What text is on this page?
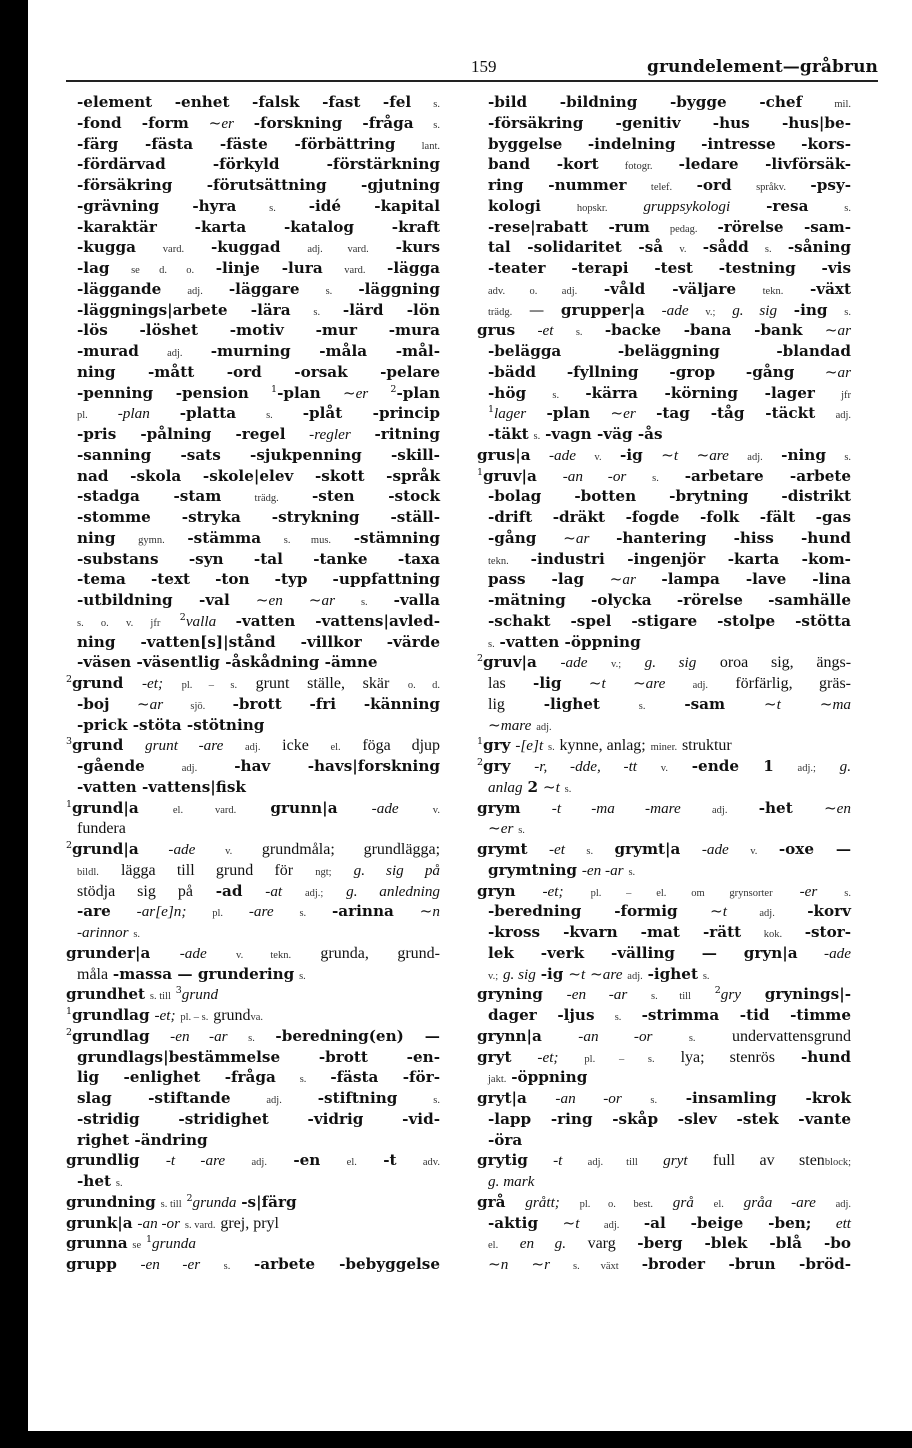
159	grundelement—gråbrun
-element -enhet -falsk -fast -fel s.
-fond -form ~er -forskning -fråga s.
-färg -fästa -fäste -förbättring	lant.
-fördärvad -förkyld -förstärkning
-försäkring -förutsättning -gjutning
-grävning -hyra	s. -idé -kapital
-karaktär -karta -katalog -kraft
-kugga	vard. -kuggad	adj. vard. -kurs
-lag se d. o. -linje -lura vard. -lägga
-läggande adj. -läggare s. -läggning
-läggnings|arbete -lära s. -lärd -lön
-lös -löshet -motiv -mur -mura
-murad	adj. -murning -måla -mål-
ning -mått -ord -orsak -pelare
-penning -pension $^1$-plan ~er $^2$-plan
pl. -plan -platta	s. -plåt -princip
-pris -pålning -regel -regler -ritning
-sanning -sats -sjukpenning -skill-
nad -skola -skole|elev -skott -språk
-stadga -stam	trädg. -sten -stock
-stomme -stryka -strykning -ställ-
ning gymn. -stämma s. mus. -stämning
-substans -syn -tal -tanke -taxa
-tema -text -ton -typ -uppfattning
-utbildning -val ~en ~ar s. -valla
s. o. v. jfr $^2$valla -vatten -vattens|avled-
ning -vatten[s]|stånd -villkor -värde
-väsen -väsentlig -åskådning -ämne
$^2$grund -et; pl. – s. grunt ställe, skär o. d.
-boj ~ar	sjö. -brott -fri -känning
-prick -stöta -stötning
$^3$grund grunt -are adj. icke el. föga djup
-gående	adj. -hav -havs|forskning
-vatten -vattens|fisk
$^1$grund|a	el. vard. grunn|a -ade	v.
fundera
$^2$grund|a -ade	v. grundmåla; grundlägga;
bildl. lägga till grund för ngt; g. sig på
stödja sig på -ad -at adj.; g. anledning
-are -ar[e]n; pl. -are s. -arinna ~n
-arinnor s.
grunder|a -ade	v. tekn. grunda, grund-
måla -massa — grundering s.
grundhet s. till $^3$grund
$^1$grundlag -et; pl. – s. grundva.
$^2$grundlag -en -ar s. -beredning(en) —
grundlags|bestämmelse -brott -en-
lig -enlighet -fråga s. -fästa -för-
slag -stiftande	adj. -stiftning	s.
-stridig -stridighet -vidrig -vid-
righet -ändring
grundlig -t -are	adj. -en	el. -t	adv.
-het s.
grundning s. till $^2$grunda -s|färg
grunk|a -an -or s. vard. grej, pryl
grunna se $^1$grunda
grupp -en -er s. -arbete -bebyggelse
-bild -bildning -bygge -chef	mil.
-försäkring -genitiv -hus -hus|be-
byggelse -indelning -intresse -kors-
band -kort fotogr. -ledare -livförsäk-
ring -nummer telef. -ord språkv. -psy-
kologi	hopskr. gruppsykologi -resa	s.
-rese|rabatt -rum pedag. -rörelse -sam-
tal -solidaritet -så v. -sådd s. -såning
-teater -terapi -test -testning -vis
adv. o. adj. -våld -väljare	tekn. -växt
trädg. — grupper|a -ade v.; g. sig -ing s.
grus -et s. -backe -bana -bank ~ar
-belägga -beläggning -blandad
-bädd -fyllning -grop -gång ~ar
-hög	s. -kärra -körning -lager	jfr
$^1$lager -plan ~er -tag -tåg -täckt adj.
-täkt s. -vagn -väg -ås
grus|a -ade v. -ig ~t ~are adj. -ning s.
$^1$gruv|a -an -or s. -arbetare -arbete
-bolag -botten -brytning -distrikt
-drift -dräkt -fogde -folk -fält -gas
-gång ~ar -hantering -hiss -hund
tekn. -industri -ingenjör -karta -kom-
pass -lag ~ar -lampa -lave -lina
-mätning -olycka -rörelse -samhälle
-schakt -spel -stigare -stolpe -stötta
s. -vatten -öppning
$^2$gruv|a -ade v.; g. sig oroa sig, ängs-
las -lig ~t ~are	adj. förfärlig, gräs-
lig	-lighet	s.	-sam ~t ~ma
~mare adj.
$^1$gry -[e]t s. kynne, anlag; miner. struktur
$^2$gry -r, -dde, -tt v. -ende 1 adj.; g.
anlag 2 ~t s.
grym -t -ma -mare	adj. -het ~en
~er s.
grymt -et s. grymt|a -ade v. -oxe —
grymtning -en -ar s.
gryn -et;	pl. – el. om grynsorter -er	s.
-beredning -formig ~t	adj. -korv
-kross -kvarn -mat -rätt kok. -stor-
lek -verk -välling — gryn|a -ade
v.; g. sig -ig ~t ~are adj. -ighet s.
gryning -en -ar s. till $^2$gry grynings|-
dager -ljus s. -strimma -tid -timme
grynn|a -an -or	s. undervattensgrund
gryt -et; pl. – s. lya; stenrös -hund
jakt. -öppning
gryt|a -an -or	s. -insamling -krok
-lapp -ring -skåp -slev -stek -vante
-öra
grytig -t adj. till gryt full av stenblock;
g. mark
grå grått; pl. o. best. grå el. gråa -are adj.
-aktig ~t adj. -al -beige -ben; ett
el. en g. varg -berg -blek -blå -bo
~n ~r s. växt -broder -brun -bröd-
